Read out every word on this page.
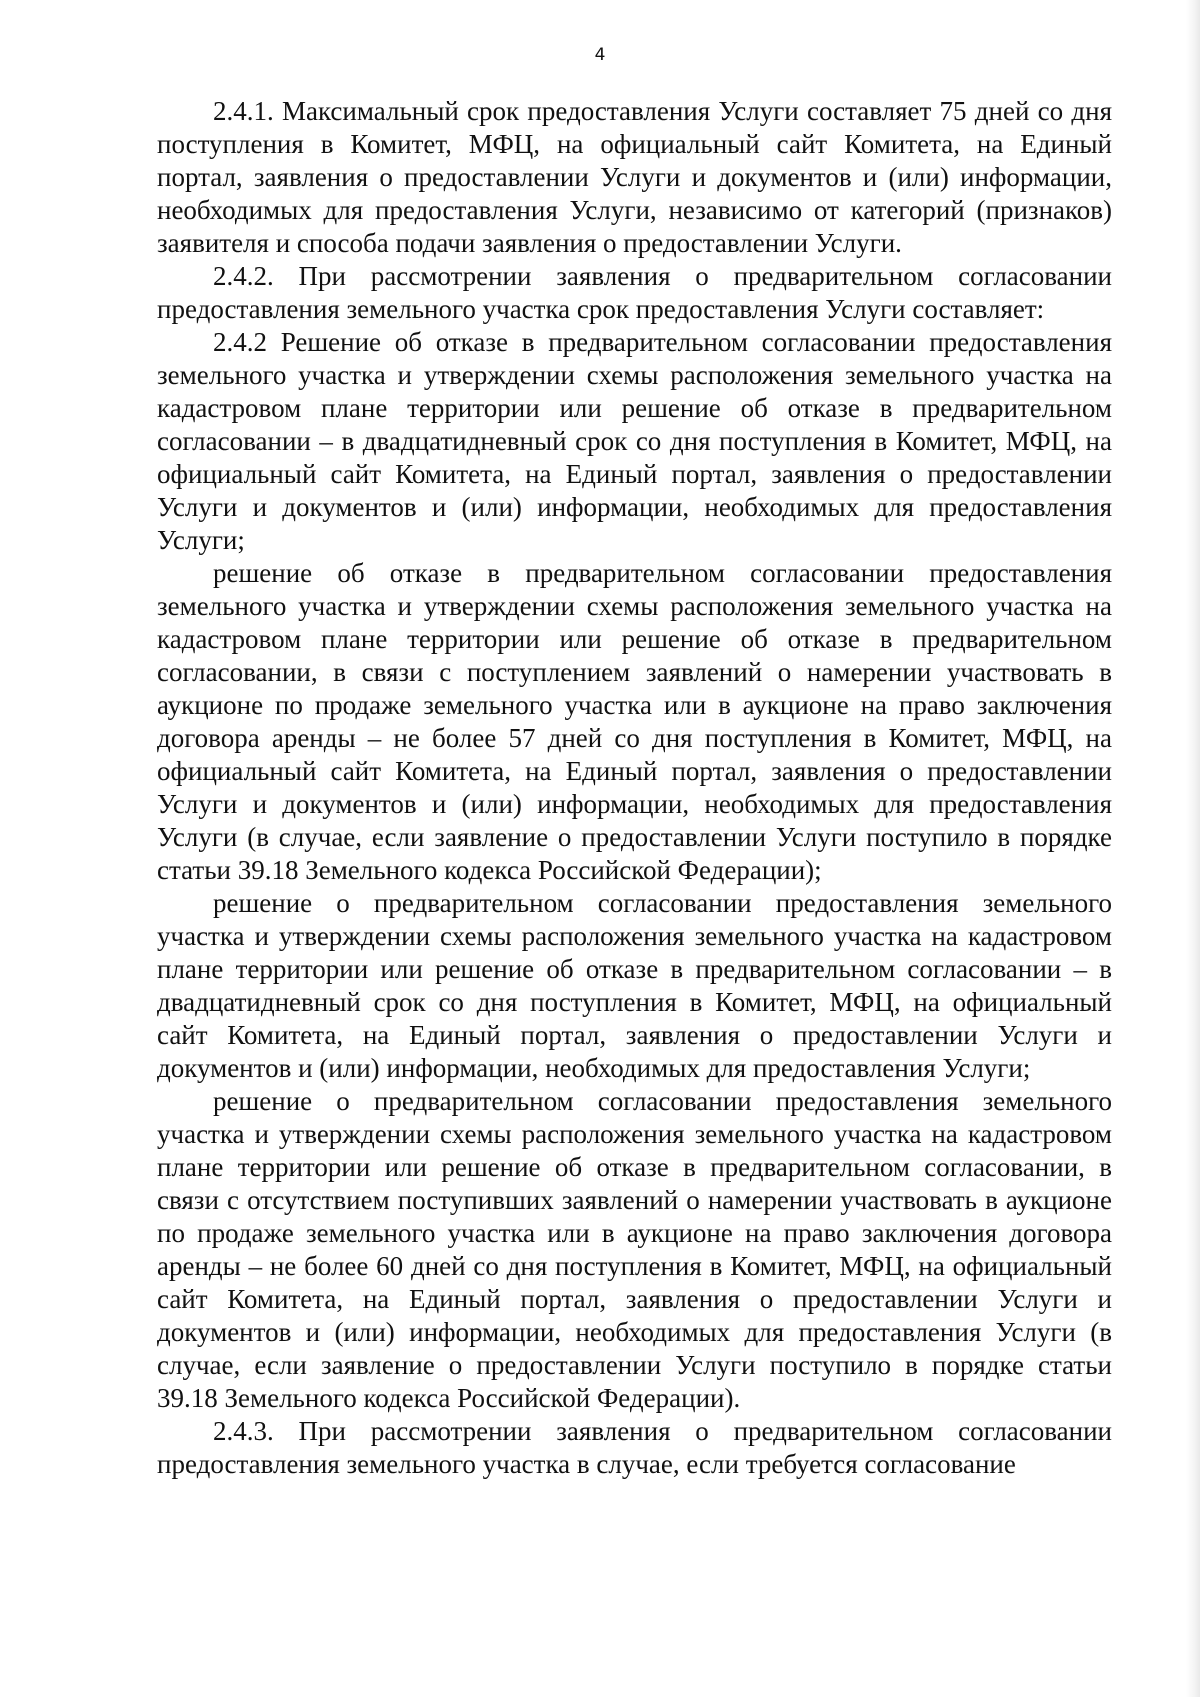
4

2.4.1. Максимальный срок предоставления Услуги составляет 75 дней со дня поступления в Комитет, МФЦ, на официальный сайт Комитета, на Единый портал, заявления о предоставлении Услуги и документов и (или) информации, необходимых для предоставления Услуги, независимо от категорий (признаков) заявителя и способа подачи заявления о предоставлении Услуги.

2.4.2. При рассмотрении заявления о предварительном согласовании предоставления земельного участка срок предоставления Услуги составляет:

2.4.2 Решение об отказе в предварительном согласовании предоставления земельного участка и утверждении схемы расположения земельного участка на кадастровом плане территории или решение об отказе в предварительном согласовании – в двадцатидневный срок со дня поступления в Комитет, МФЦ, на официальный сайт Комитета, на Единый портал, заявления о предоставлении Услуги и документов и (или) информации, необходимых для предоставления Услуги;

решение об отказе в предварительном согласовании предоставления земельного участка и утверждении схемы расположения земельного участка на кадастровом плане территории или решение об отказе в предварительном согласовании, в связи с поступлением заявлений о намерении участвовать в аукционе по продаже земельного участка или в аукционе на право заключения договора аренды – не более 57 дней со дня поступления в Комитет, МФЦ, на официальный сайт Комитета, на Единый портал, заявления о предоставлении Услуги и документов и (или) информации, необходимых для предоставления Услуги (в случае, если заявление о предоставлении Услуги поступило в порядке статьи 39.18 Земельного кодекса Российской Федерации);

решение о предварительном согласовании предоставления земельного участка и утверждении схемы расположения земельного участка на кадастровом плане территории или решение об отказе в предварительном согласовании – в двадцатидневный срок со дня поступления в Комитет, МФЦ, на официальный сайт Комитета, на Единый портал, заявления о предоставлении Услуги и документов и (или) информации, необходимых для предоставления Услуги;

решение о предварительном согласовании предоставления земельного участка и утверждении схемы расположения земельного участка на кадастровом плане территории или решение об отказе в предварительном согласовании, в связи с отсутствием поступивших заявлений о намерении участвовать в аукционе по продаже земельного участка или в аукционе на право заключения договора аренды – не более 60 дней со дня поступления в Комитет, МФЦ, на официальный сайт Комитета, на Единый портал, заявления о предоставлении Услуги и документов и (или) информации, необходимых для предоставления Услуги (в случае, если заявление о предоставлении Услуги поступило в порядке статьи 39.18 Земельного кодекса Российской Федерации).

2.4.3. При рассмотрении заявления о предварительном согласовании предоставления земельного участка в случае, если требуется согласование
